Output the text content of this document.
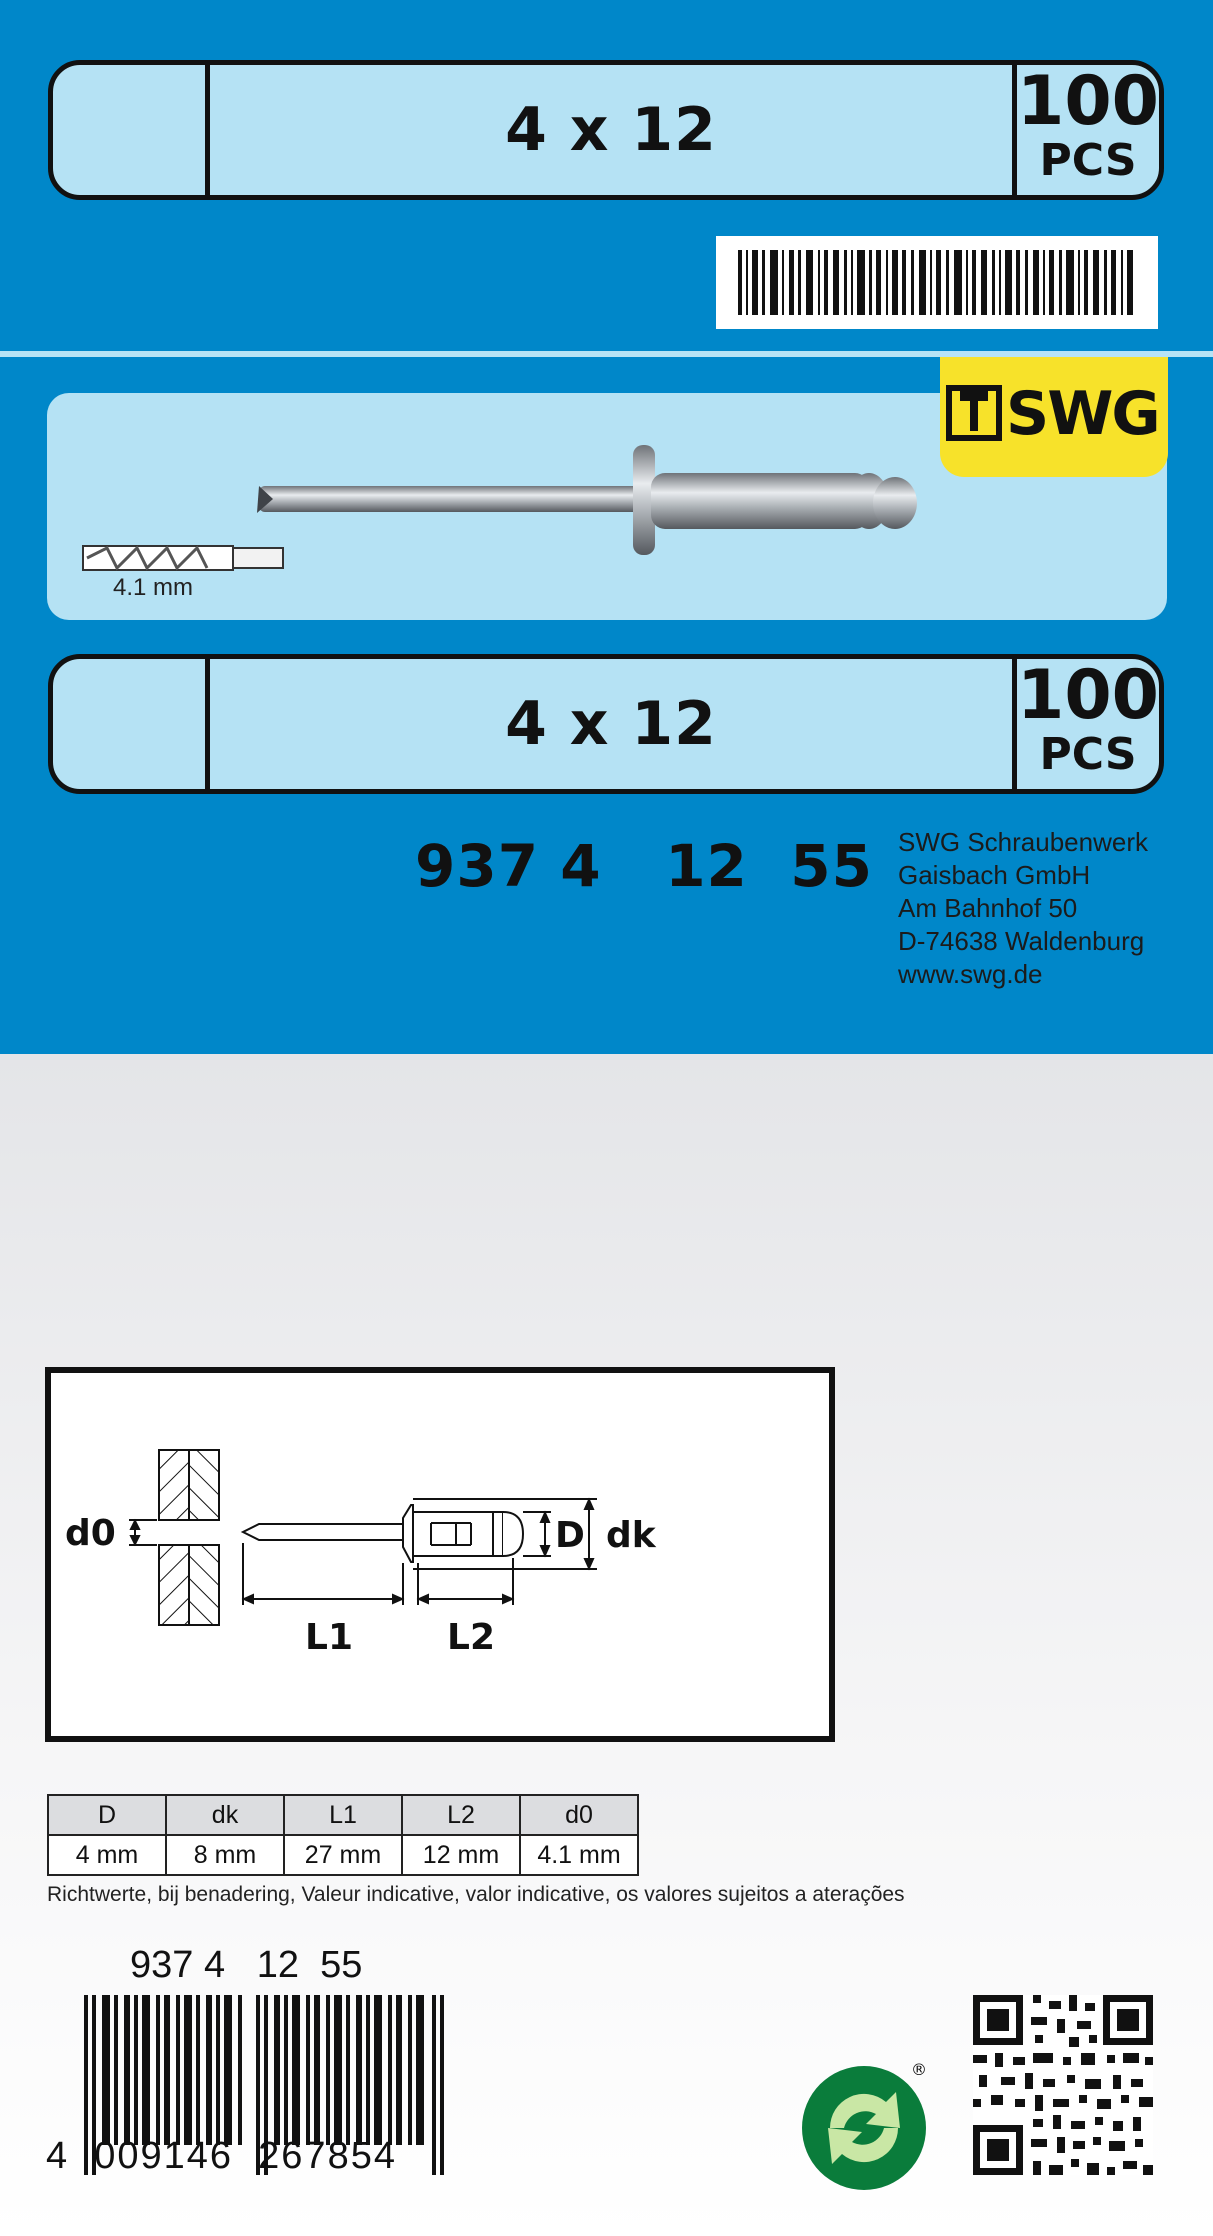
4 x 12	100
PCS
4.1 mm
SWG
4 x 12	100
PCS
937 4   12  55 SWG Schraubenwerk
Gaisbach GmbH
Am Bahnhof 50
D-74638 Waldenburg
www.swg.de
d0	D dk
L1	L2
D	dk	L1	L2	d0
4 mm	8 mm	27 mm	12 mm	4.1 mm
Richtwerte, bij benadering, Valeur indicative, valor indicative, os valores sujeitos a aterações
937 4   12  55
4  009146  267854
®
